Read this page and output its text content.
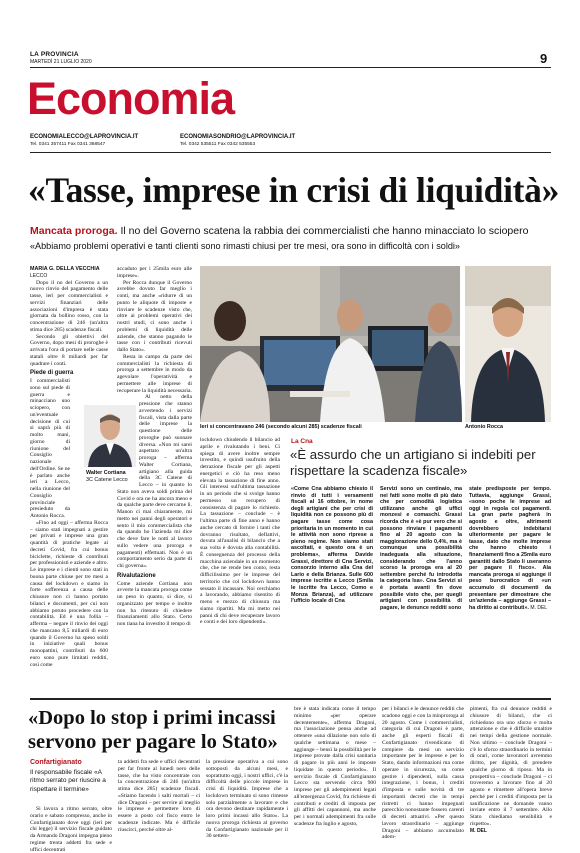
LA PROVINCIA
MARTEDÌ 21 LUGLIO 2020	9
Economia
ECONOMIALECCO@LAPROVINCIA.IT
Tel. 0341 357411 Fax 0341 368547
ECONOMIASONDRIO@LAPROVINCIA.IT
Tel. 0342 535511 Fax 0342 535553
«Tasse, imprese in crisi di liquidità»
Mancata proroga. Il no del Governo scatena la rabbia dei commercialisti che hanno minacciato lo sciopero
«Abbiamo problemi operativi e tanti clienti sono rimasti chiusi per tre mesi, ora sono in difficoltà con i soldi»

MARIA G. DELLA VECCHIA

LECCO

Dopo il no del Governo a un nuovo rinvio del pagamento delle tasse, ieri per commercialisti e servizi finanziari delle associazioni d'impresa è stata giornata da bollino rosso, con la concentrazione di 246 (un'altra stima dice 285) scadenze fiscali.

Secondo gli obiettivi del Governo, dopo mesi di proroghe è arrivata l'ora di portare nelle casse statali oltre 8 miliardi per far quadrare i conti.

Piede di guerra

I commercialisti sono sul piede di guerra e minacciano uno sciopero, con un'eventuale decisione di cui si saprà più di molto mani, giorno di riunione del Consiglio nazionale dell'Ordine. Se ne è parlato anche ieri a Lecco, nella riunione del Consiglio provinciale presieduto da Antonio Rocca.

«Fino ad oggi – afferma Rocca – siamo stati impegnati a gestire per privati e imprese una gran quantità di pratiche legate ai decreti Covid, fra cui bonus biciclette, richieste di contributi per professionisti e aziende e altro. Le imprese e i clienti sono stati in buona parte chiuse per tre mesi a causa del lockdown e siamo in forte sofferenza a causa delle chiusure non ci hanno portato bilanci e documenti, per cui non abbiamo potuto procedere con la contabilità. Ed è una follia – afferma – negare il rinvio dei oggi che mancano 8,5 miliardi di euro quando il Governo ha speso soldi in iniziative quali bonus monopattini, contributi da 600 euro sono pure limitati redditi, così come

Walter Cortiana
3C Catene Lecco

accaduto per i 25mila euro alle imprese».

Per Rocca dunque il Governo avrebbe dovuto far meglio i conti, ma anche «ridurre di un punto le aliquote di imposte e rinviare le scadenze visto che, oltre ai problemi operativi dei nostri studi, ci sono anche i problemi di liquidità delle aziende, che stanno pagando le tasse con i contributi ricevuti dallo Stato».

Resta in campo da parte dei commercialisti la richiesta di proroga a settembre in modo da agevolare l'operatività e permettere alle imprese di recuperare la liquidità necessaria.

Al netto della pressione che stanno avvertendo i servizi fiscali, vista dalla parte delle imprese la questione delle proroghe può suonare diversa. «Non mi sarei aspettato un'altra proroga – afferma Walter Cortiana, artigiano alla guida della 3C Catene di Lecco – in quanto lo Stato non aveva soldi prima del Covid e ora ne ha ancora meno e da qualche parte deve cercarne li. Manon ci mai chiaramente, mi metto nei panni degli operatori e sento il mio commercialista che da quando ho l'azienda mi dice che deve fare le notti al lavoro sullo vedere una proroga e pagamenti) effettuati. Non è un comportamento serio da parte di chi governa».

Rivalutazione

Come aziende Cortiana non avverte la mancata proroga come un peso in quanto, si dice, si organizzato per tempo e inoltre non ha ritenuto di chiedere finanziamenti allo Stato. Certo non tiana ha investito il tempo di

Ieri si concentravano 246 (secondo alcuni 285) scadenze fiscali	Antonio Rocca

lockdown chiudendo il bilancio ad aprile e rivalutando i beni. Ci spiega di avere inoltre sempre investito, e quindi usufruito della detrazione fiscale per gli aspetti energetici e ciò ha reso meno elevata la tassazione di fine anno. Gli interessi sull'ultima tassazione in un periodo che si svolge hanno permesso un recupero di consistenza di pagare lo richiesto. La tassazione – conclude – è l'ultima parte di fine anno e hanno anche cercato di fornire i tanti che dovranno risultato, deflattivi, dovuta all'analisi di bilancio che a sua volta è dovuta alla contabilità. È conseguenza del processo della macchina aziendale in un momento che, che ne rende ben conto, resta difficilissimo per le imprese del territorio che col lockdown hanno sessato il incassare. Noi cerchiamo a lavorando, abbiamo risentito di meno e mezzo di chiusura ma siamo ripartiti. Ma mi metto nei panni di chi deve recuperare lavoro e conti e dei loro dipendenti».

La Cna
«È assurdo che un artigiano si indebiti per rispettare la scadenza fiscale»
«Come Cna abbiamo chiesto il rinvio di tutti i versamenti fiscali al 16 ottobre, in nome degli artigiani che per crisi di liquidità non ce possono più di pagare tasse come cosa prioritaria in un momento in cui le attività non sono riprese a pieno regime. Non siamo stati ascoltati, e questo ora è un problema», afferma Davide Grassi, direttore di Cna Servizi, consorzio interno alla Cna del Lario e della Brianza. Sulle 600 imprese iscritte a Lecco (Smila le iscritte fra Lecco, Como e Monza Brianza), ad utilizzare l'ufficio locale di Cna
Servizi sono un centinaio, ma nei fatti sono molte di più dato che per comodità logistica utilizzano anche gli uffici monzesi e comaschi. Grassi ricorda che è «è pur vero che si possono rinviare i pagamenti fino al 20 agosto con la maggiorazione dello 0,4%, ma è comunque una possibilità inadeguata alla situazione, considerando che l'anno scorso la proroga era al 20 settembre perché fu introdotta la categoria Isa». Cna Servizi si è portata avanti fin dove possibile visto che, per quegli artigiani con possibilità di pagare, le denunce redditi sono
state predisposte per tempo. Tuttavia, aggiunge Grassi, «sono poche le imprese ad oggi in regola coi pagamenti. La gran parte pagherà in agosto e oltre, altrimenti dovrebbero indebitarsi ulteriormente per pagare le tasse, dato che molte imprese che hanno chiesto i finanziamenti fino a 25mila euro garantiti dallo Stato li useranno per pagare il fisco». Ala mancata proroga si aggiunge il peso burocratico di «un accumulo di documenti da presentare per dimostrare che un'azienda – aggiunge Grassi – ha diritto ai contributi». M. DEL
«Dopo lo stop i primi incassi
servono per pagare lo Stato»
Confartigianato
Il responsabile fiscale «A ritmo serrato per riuscire a rispettare il termine»

Si lavora a ritmo serrato, oltre orario e sabato compresso, anche in Confartigianato dove oggi (ieri per chi legge) il servizio fiscale guidato da Armando Dragoni impegna pieno regime trenta addetti fra sede e uffici decentrati

ta addetti fra sede e uffici decentrati per far fronte al lunedì nero delle tasse, che ha visto concentrate con la concentrazione di 246 (un'altra stima dice 285) scadenze fiscali. «Stiamo facendo i salti mortali – ci dice Dragoni – per servire al meglio le imprese e permettere loro di essere a posto col fisco entro le scadenze indicate. Ma è difficile riuscirci, perché oltre al-

la pressione operativa a cui sono sottoposti da alcuni mesi, e soprattutto oggi, i nostri uffici, c'è la difficoltà delle piccole imprese in crisi di liquidità. Imprese che a lockdown terminato si sono rimesse solo parzialmente a lavorare e che ora devono destinare rapidamente i loro primi incassi allo Stato». La nuova proroga richiesta al governo da Confartigianato nazionale per il 30 settem-

bre è stata indicata come il tempo minimo «per operare decentemente», afferma Dragoni, ma l'associazione pensa anche ad ottenere «una dilazione non solo di qualche settimana o mese – aggiunge – bensì la possibilità per le imprese provate dalla crisi sanitaria di pagare in più anni le imposte liquidate in questo periodo». Il servizio fiscale di Confartigianato Lecco sta servendo circa 900 imprese per gli adempimenti legati all'emergenza Covid, fra richieste di contributi e crediti di imposta per gli affitti dei capannoni, ma anche per i normali adempimenti fra sulle scadenze fra luglio e agosto,

per i bilanci e le denunce redditi che scadono oggi e con la minproroga al 20 agosto. Come i commercialisti, categoria di cui Dragoni è parte, anche gli esperti fiscali di Confartigianato rivendicano di compiere da mesi un servizio importante per le imprese e per lo Stato, dando informazioni ma come operare in sicurezza, su come gestire i dipendenti, sulla cassa integrazione, i bonus, i crediti d'imposta e sulle novità di tre importanti decreti che in tempi ristretti ci hanno impegnati parecchio nonostante fossero carenti di decreti attuativi. «Per questo lavoro straordinario – aggiunge Dragoni – abbiamo accumulato adem-

pimenti, fra cui denunce redditi e chiusure di bilanci, che ci richiedono ora uno sforzo e molta attenzione e che è difficile smaltire nei tempi della gestione normale. Non ultimo – conclude Dragoni – c'è lo sforzo straordinario in termini di orari, come lavoratori avremmo diritto, per dignità, di prendere qualche giorno di riposo. Ma in prospettiva – conclude Dragoni – ci troveremo a lavorare fino al 20 agosto e rimettere all'opera breve perché per i crediti d'imposta per la sanificazione ne domande vanno inviate entro il 7 settembre. Allo Stato chiediamo sensibilità e rispetto».

M. DEL
